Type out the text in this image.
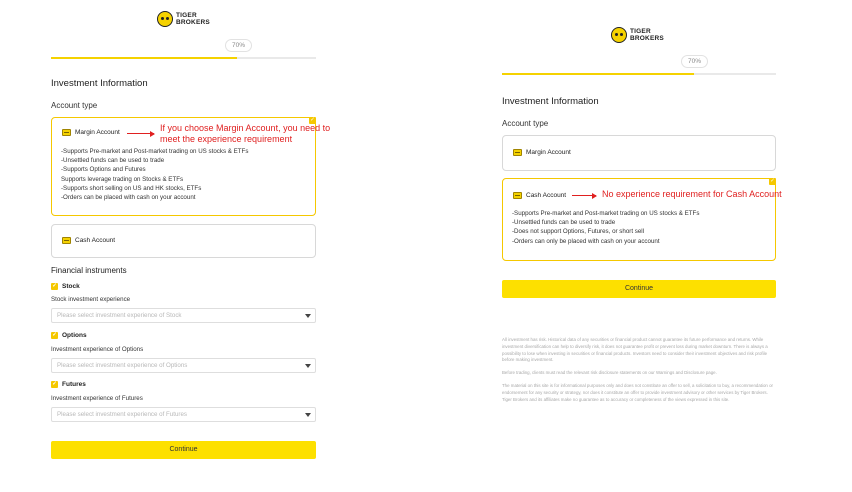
TIGER
BROKERS
70%
Investment Information
Account type
✓
Margin Account
-Supports Pre-market and Post-market trading on US stocks & ETFs
-Unsettled funds can be used to trade
-Supports Options and Futures
Supports leverage trading on Stocks & ETFs
-Supports short selling on US and HK stocks, ETFs
-Orders can be placed with cash on your account
If you choose Margin Account, you need to meet the experience requirement
Cash Account
Financial instruments
✓ Stock
Stock investment experience
Please select investment experience of Stock
✓ Options
Investment experience of Options
Please select investment experience of Options
✓ Futures
Investment experience of Futures
Please select investment experience of Futures
Continue
TIGER
BROKERS
70%
Investment Information
Account type
Margin Account
✓
Cash Account
-Supports Pre-market and Post-market trading on US stocks & ETFs
-Unsettled funds can be used to trade
-Does not support Options, Futures, or short sell
-Orders can only be placed with cash on your account
No experience requirement for Cash Account
Continue

All investment has risk. Historical data of any securities or financial product cannot guarantee its future performance and returns. While investment diversification can help to diversify risk, it does not guarantee profit or prevent loss during market downturn. There is always a possibility to lose when investing in securities or financial products. Investors need to consider their investment objectives and risk profile before making investment.

Before trading, clients must read the relevant risk disclosure statements on our Warnings and Disclosure page.

The material on this site is for informational purposes only and does not constitute an offer to sell, a solicitation to buy, a recommendation or endorsement for any security or strategy, nor does it constitute an offer to provide investment advisory or other services by Tiger Brokers. Tiger Brokers and its affiliates make no guarantee as to accuracy or completeness of the views expressed in this site.
